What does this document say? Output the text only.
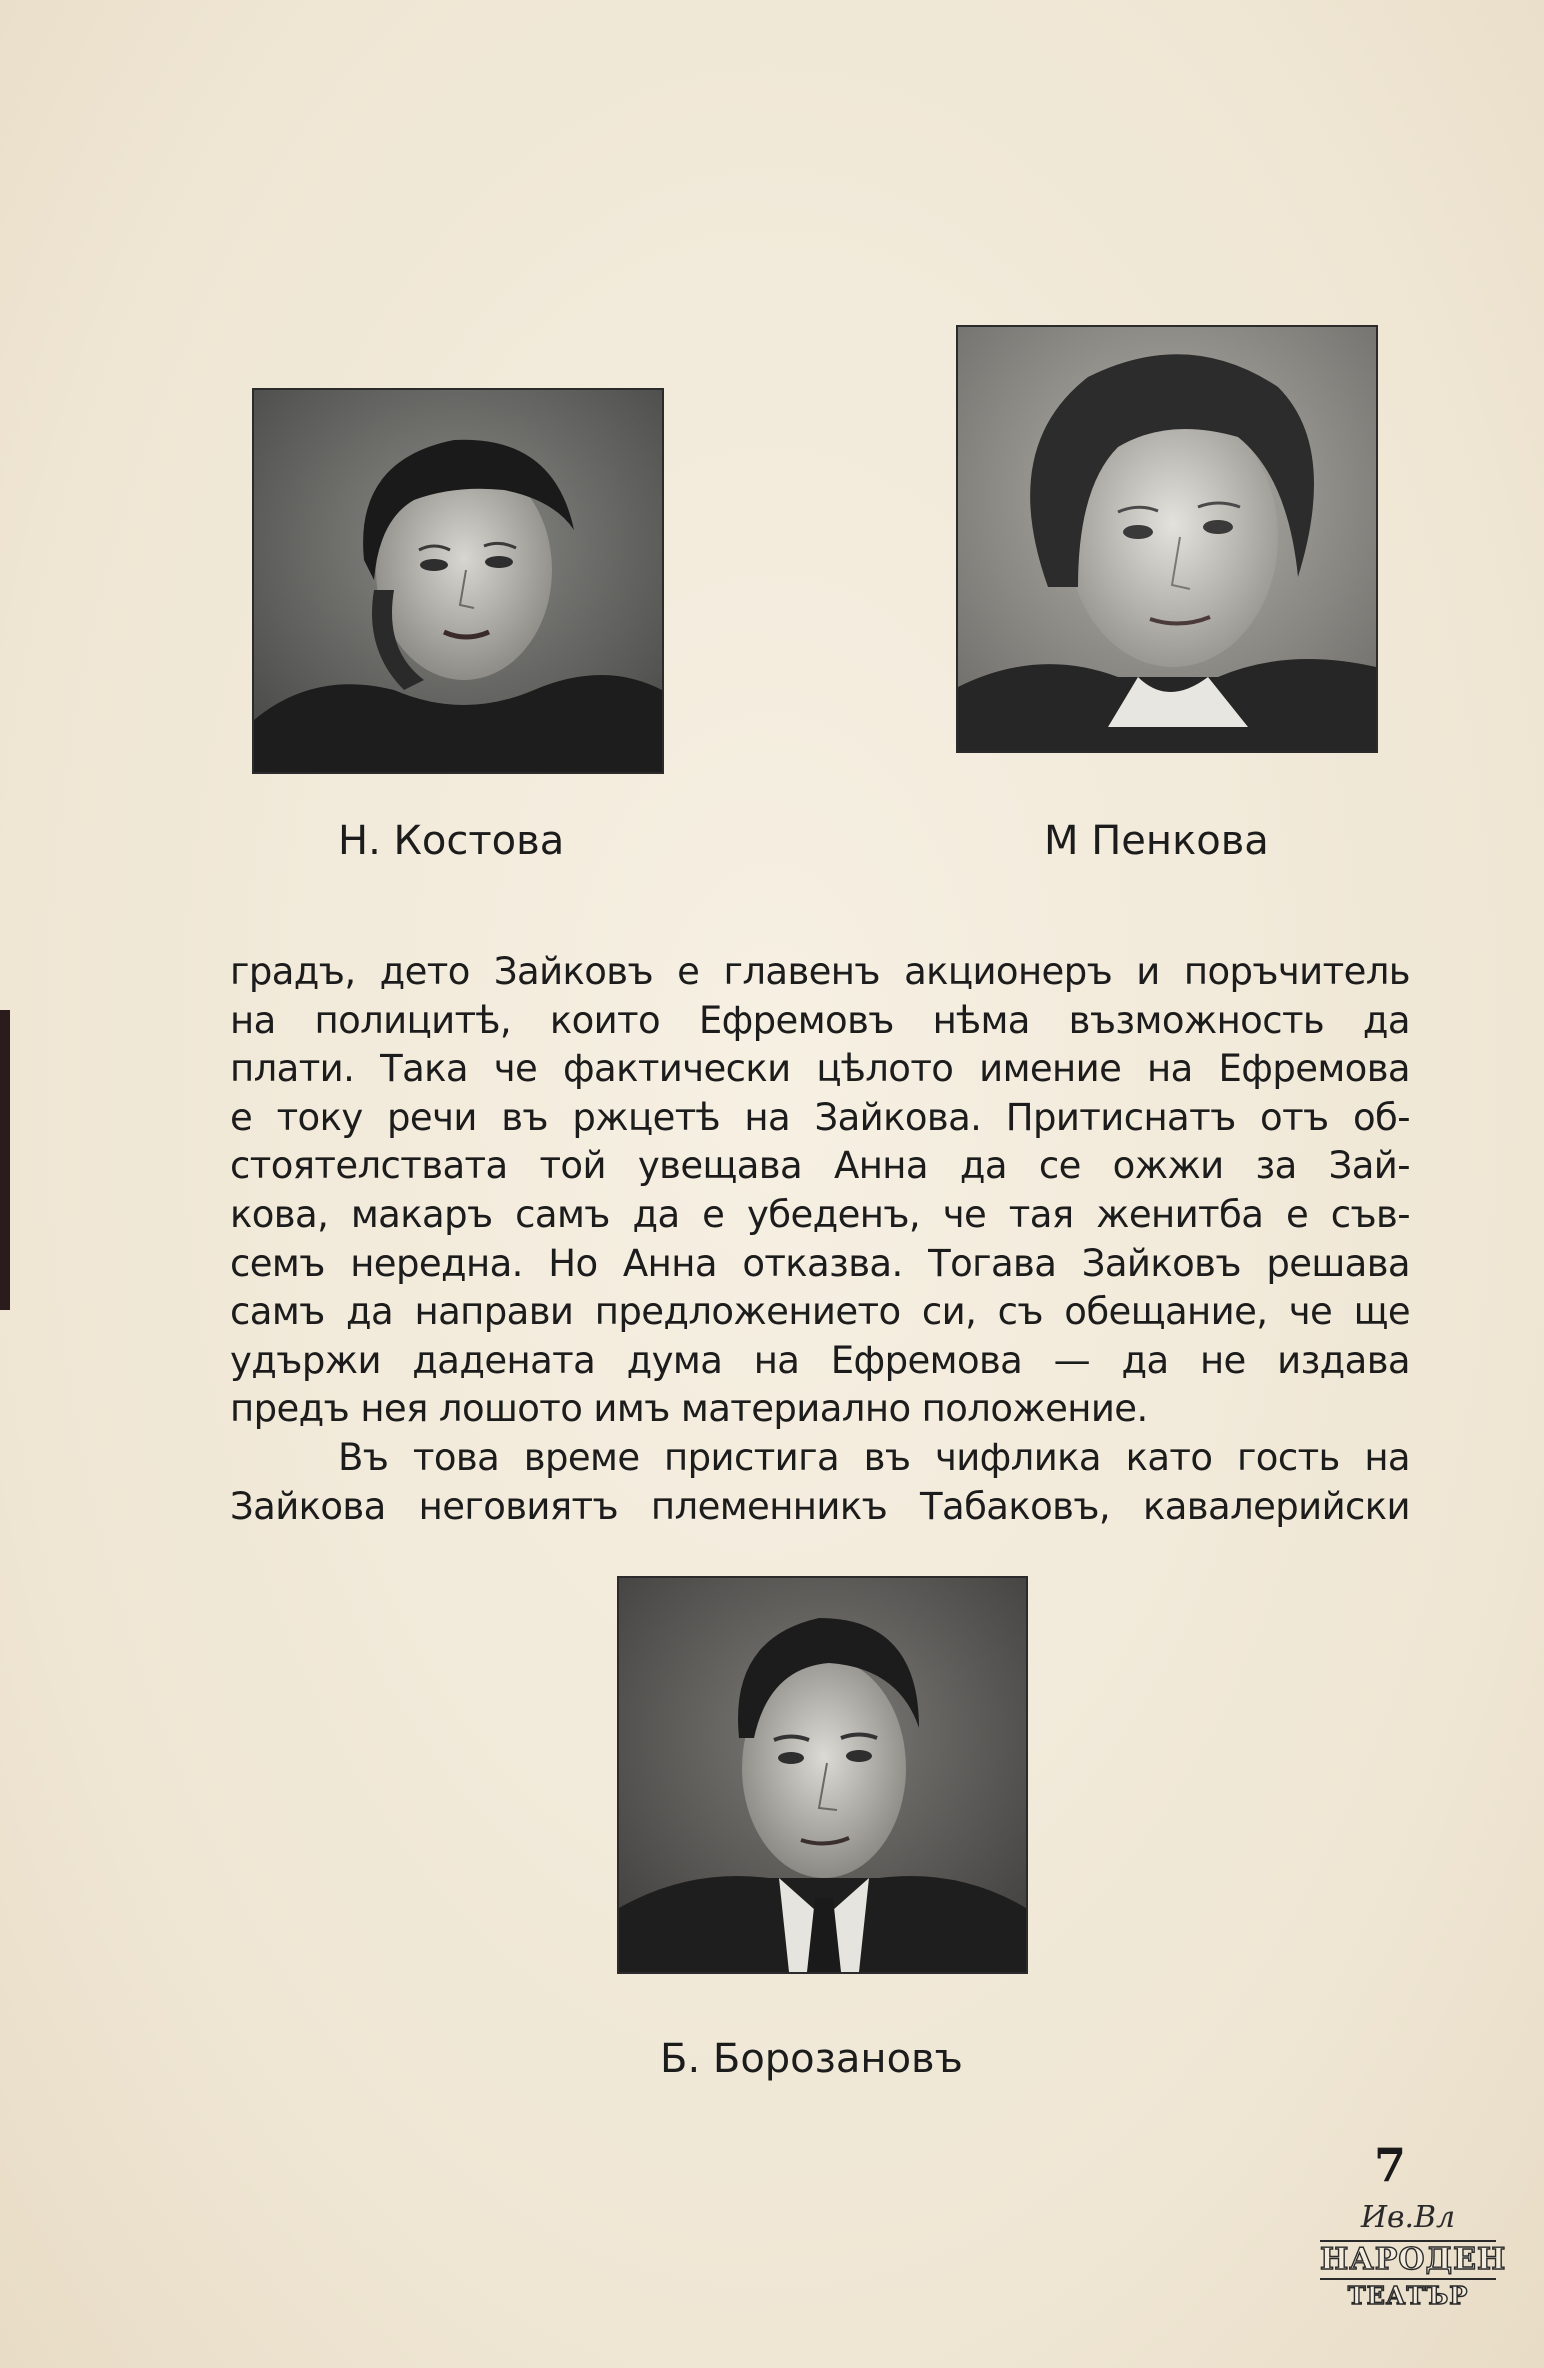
Н. Костова	М Пенкова
градъ, дето Зайковъ е главенъ акционеръ и поръчитель
на полицитѣ, които Ефремовъ нѣма възможность да
плати. Така че фактически цѣлото имение на Ефремова
е току речи въ ржцетѣ на Зайкова. Притиснатъ отъ об-
стоятелствата той увещава Анна да се ожжи за Зай-
кова, макаръ самъ да е убеденъ, че тая женитба е съв-
семъ нередна. Но Анна отказва. Тогава Зайковъ решава
самъ да направи предложението си, съ обещание, че ще
удържи дадената дума на Ефремова — да не издава
предъ нея лошото имъ материално положение.
Въ това време пристига въ чифлика като гость на
Зайкова неговиятъ племенникъ Табаковъ, кавалерийски
Б. Борозановъ
7
Ив.Вл
НАРОДЕН
ТЕАТЪР
